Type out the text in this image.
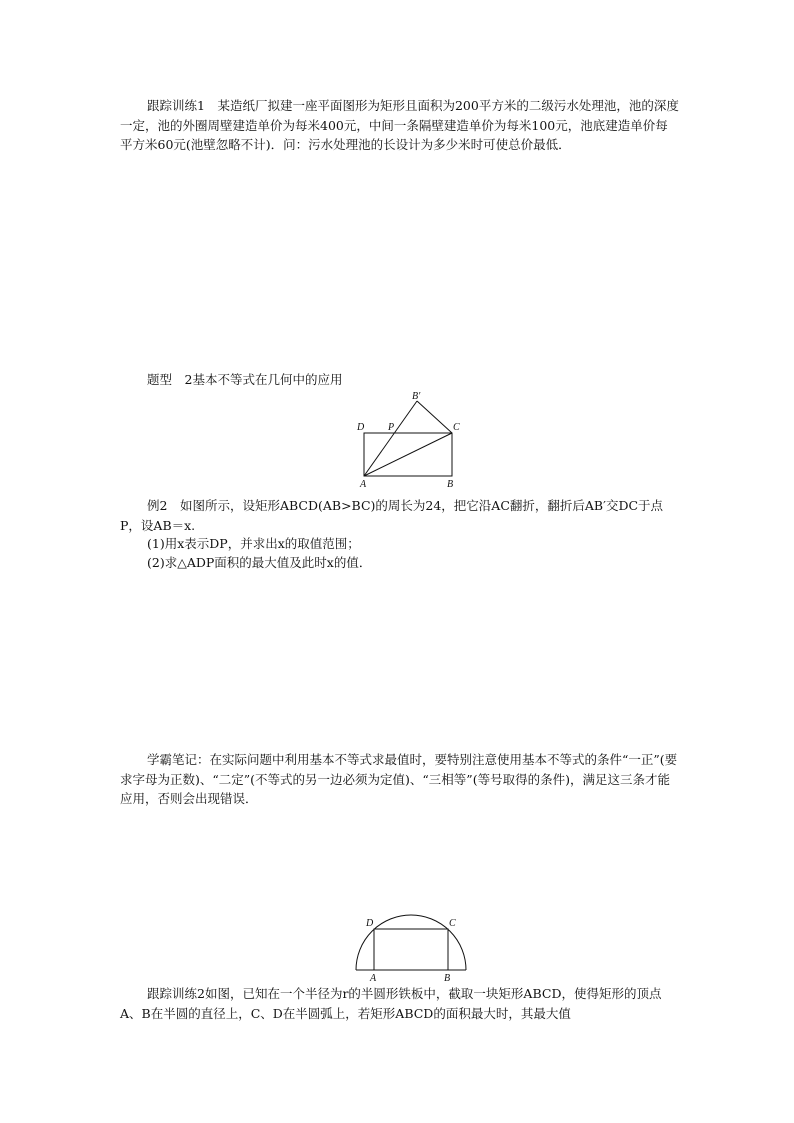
跟踪训练1　某造纸厂拟建一座平面图形为矩形且面积为200平方米的二级污水处理池，池的深度一定，池的外圈周壁建造单价为每米400元，中间一条隔壁建造单价为每米100元，池底建造单价每平方米60元(池壁忽略不计)．问：污水处理池的长设计为多少米时可使总价最低．

题型　2基本不等式在几何中的应用
B′
D P	C
A	B

例2　如图所示，设矩形ABCD(AB>BC)的周长为24，把它沿AC翻折，翻折后AB′交DC于点P，设AB＝x.

(1)用x表示DP，并求出x的取值范围；
(2)求△ADP面积的最大值及此时x的值．

学霸笔记：在实际问题中利用基本不等式求最值时，要特别注意使用基本不等式的条件“一正”(要求字母为正数)、“二定”(不等式的另一边必须为定值)、“三相等”(等号取得的条件)，满足这三条才能应用，否则会出现错误．

D	C
A	B

跟踪训练2如图，已知在一个半径为r的半圆形铁板中，截取一块矩形ABCD，使得矩形的顶点A、B在半圆的直径上，C、D在半圆弧上，若矩形ABCD的面积最大时，其最大值
